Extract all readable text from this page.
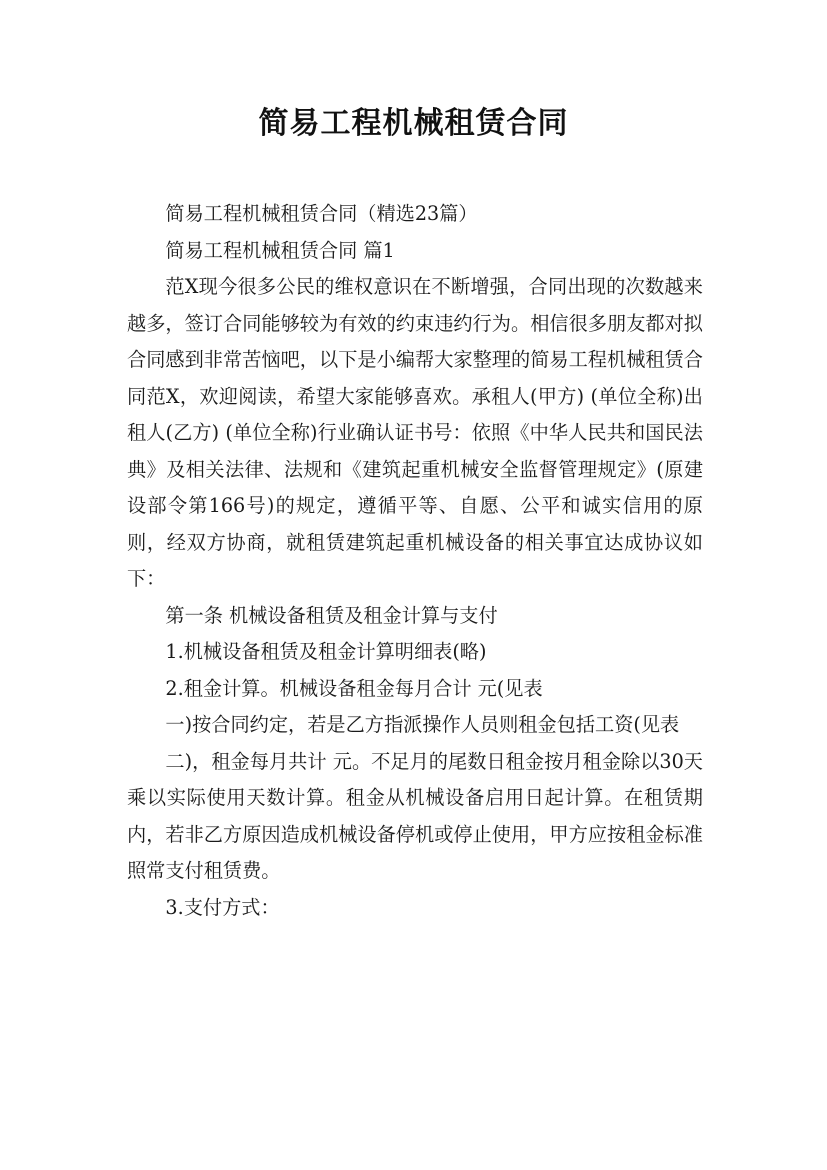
简易工程机械租赁合同

简易工程机械租赁合同（精选23篇）

简易工程机械租赁合同 篇1

范X现今很多公民的维权意识在不断增强，合同出现的次数越来越多，签订合同能够较为有效的约束违约行为。相信很多朋友都对拟合同感到非常苦恼吧，以下是小编帮大家整理的简易工程机械租赁合同范X，欢迎阅读，希望大家能够喜欢。承租人(甲方) (单位全称)出租人(乙方) (单位全称)行业确认证书号：依照《中华人民共和国民法典》及相关法律、法规和《建筑起重机械安全监督管理规定》(原建设部令第166号)的规定，遵循平等、自愿、公平和诚实信用的原则，经双方协商，就租赁建筑起重机械设备的相关事宜达成协议如下：

第一条 机械设备租赁及租金计算与支付

1.机械设备租赁及租金计算明细表(略)

2.租金计算。机械设备租金每月合计 元(见表

一)按合同约定，若是乙方指派操作人员则租金包括工资(见表

二)，租金每月共计 元。不足月的尾数日租金按月租金除以30天乘以实际使用天数计算。租金从机械设备启用日起计算。在租赁期内，若非乙方原因造成机械设备停机或停止使用，甲方应按租金标准照常支付租赁费。

3.支付方式：
